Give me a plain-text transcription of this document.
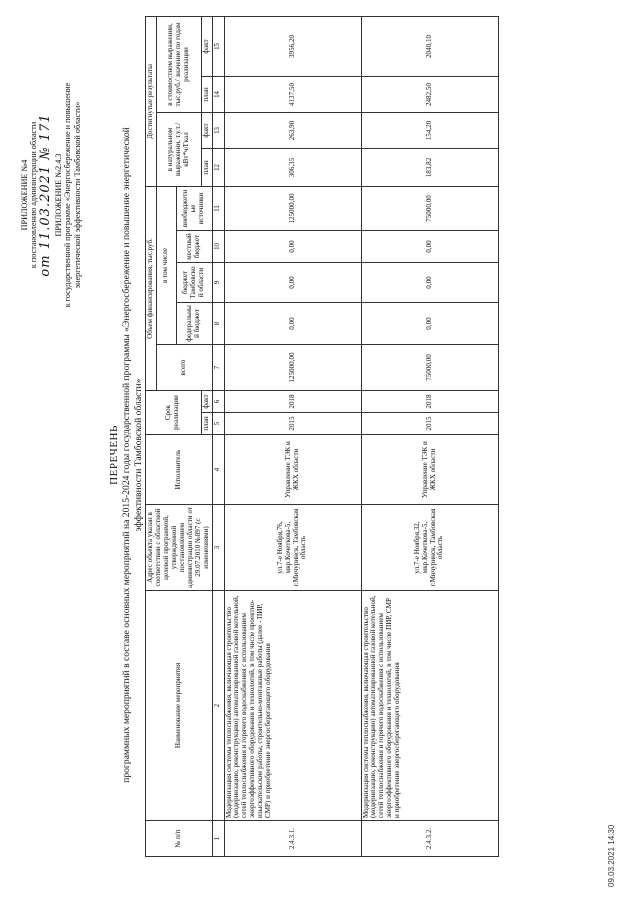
09.03.2021 14:30
ПРИЛОЖЕНИЕ №4 к постановлению администрации области от 11.03.2021 № 171 ПРИЛОЖЕНИЕ №2.4.3 к государственной программе «Энергосбережение и повышение энергетической эффективности Тамбовской области»
ПЕРЕЧЕНЬ программных мероприятий в составе основных мероприятий на 2015-2024 годы государственной программы «Энергосбережение и повышение энергетической эффективности Тамбовской области»
№ п/п	Наименование мероприятия	Адрес объекта указан в соответствии с областной целевой программой, утвержденной постановлением администрации области от 29.07.2010 №897 (с изменениями)	Исполнитель	Срок реализации		Объем финансирования, тыс.руб.					Достигнутые результаты			
						всего	в том числе				в натуральном выражении, т.у.т./ кВт*ч/Гкал		в стоимостном выражении, тыс.руб./ значение по годам реализации	
							федеральный бюджет	бюджет Тамбовской области	местный бюджет	внебюджетные источники				
				план	факт						план	факт	план	факт
1	2	3	4	5	6	7	8	9	10	11	12	13	14	15
2.4.3.1.	Модернизация системы теплоснабжения, включающая строительство (модернизацию, реконструкцию) автоматизированной газовой котельной, сетей теплоснабжения и горячего водоснабжения с использованием энергоэффективного оборудования и технологий, в том числе проектно-изыскательские работы, строительно-монтажные работы (далее - ПИР, СМР) и приобретение энергосберегающего оборудования	ул.7-е Ноября,76, мкр.Кочеткова-5, г.Мичуринск, Тамбовская область	Управление ТЭК и ЖКХ области	2015	2018	125000,00	0,00	0,00	0,00	125000,00	306,35	263,90	4137,50	3956,20
2.4.3.2.	Модернизация системы теплоснабжения, включающая строительство (модернизацию, реконструкцию) автоматизированной газовой котельной, сетей теплоснабжения и горячего водоснабжения с использованием энергоэффективного оборудования и технологий, в том числе ПИР, СМР и приобретение энергосберегающего оборудования	ул.7-е Ноября,32, мкр.Кочеткова-5, г.Мичуринск, Тамбовская область	Управление ТЭК и ЖКХ области	2015	2018	75000,00	0,00	0,00	0,00	75000,00	183,82	154,20	2482,50	2040,10
